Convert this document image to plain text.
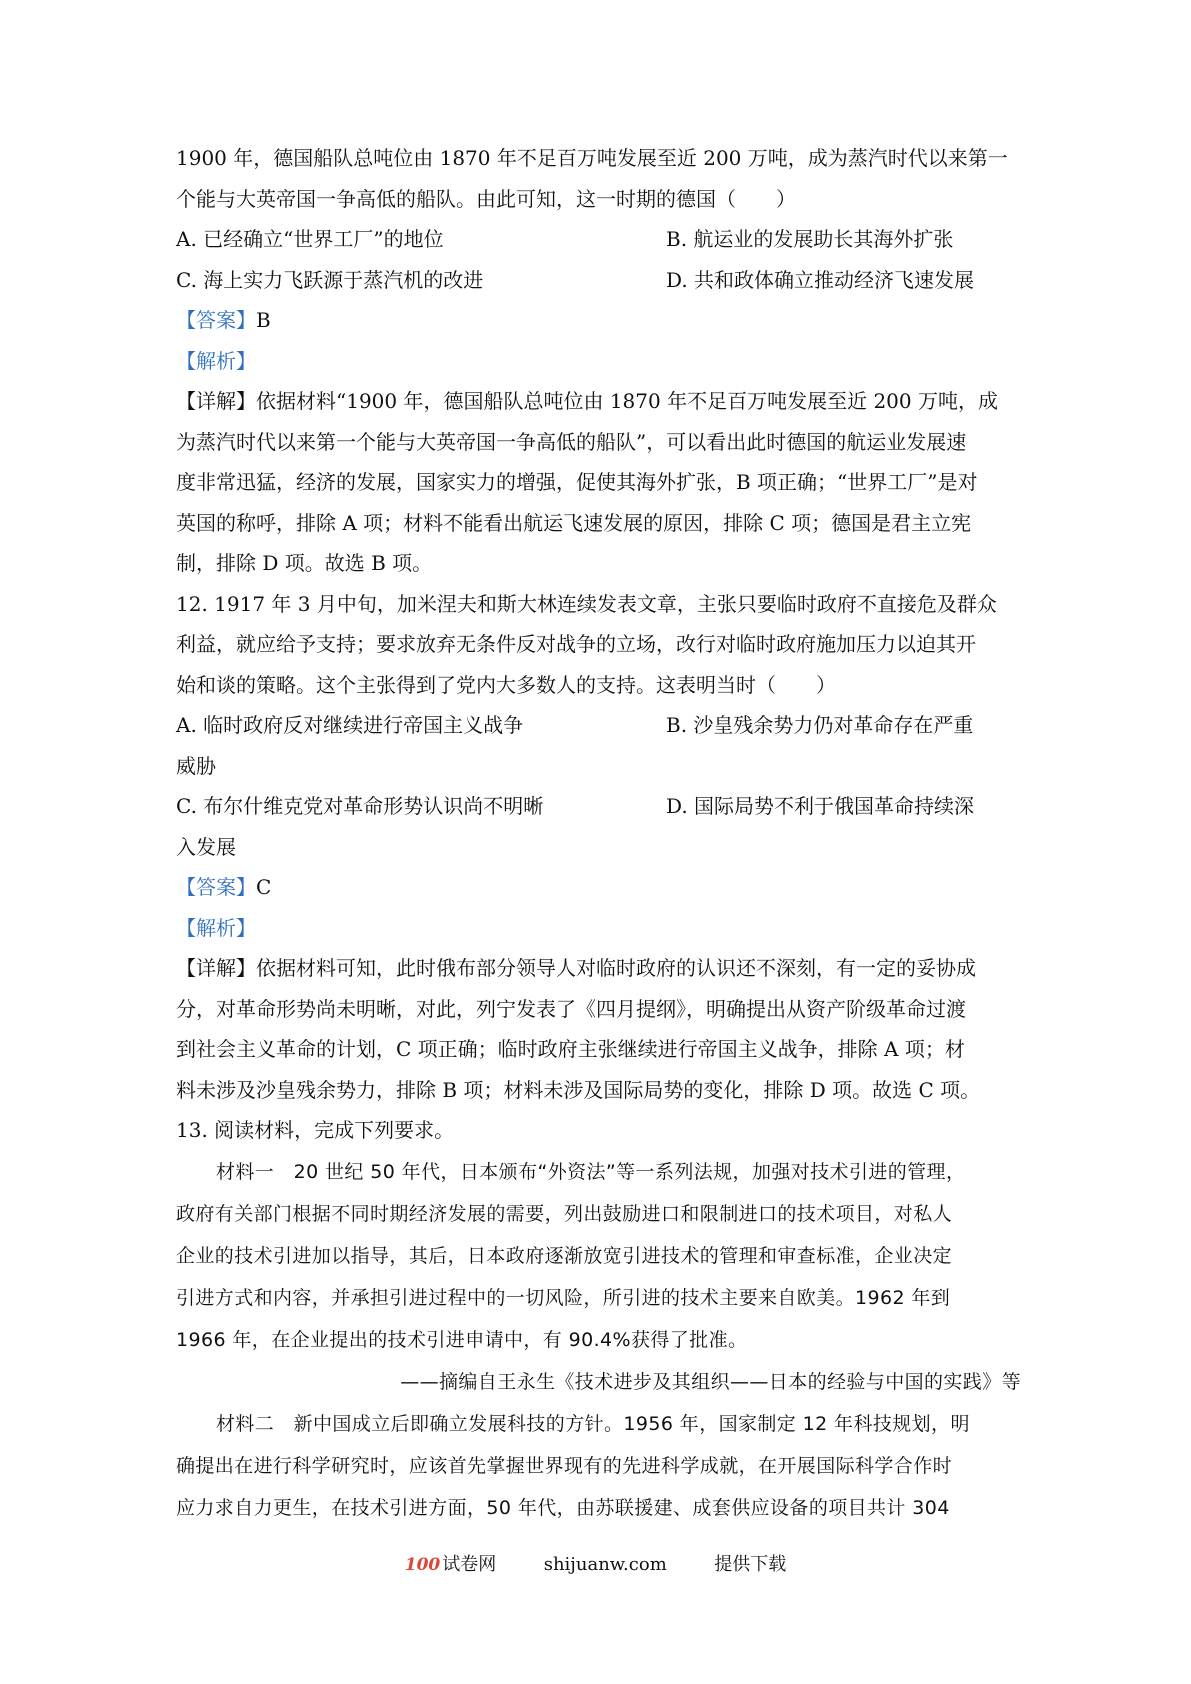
1900 年，德国船队总吨位由 1870 年不足百万吨发展至近 200 万吨，成为蒸汽时代以来第一
个能与大英帝国一争高低的船队。由此可知，这一时期的德国（　　）
A. 已经确立“世界工厂”的地位	B. 航运业的发展助长其海外扩张
C. 海上实力飞跃源于蒸汽机的改进	D. 共和政体确立推动经济飞速发展
【答案】B
【解析】
【详解】依据材料“1900 年，德国船队总吨位由 1870 年不足百万吨发展至近 200 万吨，成
为蒸汽时代以来第一个能与大英帝国一争高低的船队”，可以看出此时德国的航运业发展速
度非常迅猛，经济的发展，国家实力的增强，促使其海外扩张，B 项正确；“世界工厂”是对
英国的称呼，排除 A 项；材料不能看出航运飞速发展的原因，排除 C 项；德国是君主立宪
制，排除 D 项。故选 B 项。
12. 1917 年 3 月中旬，加米涅夫和斯大林连续发表文章，主张只要临时政府不直接危及群众
利益，就应给予支持；要求放弃无条件反对战争的立场，改行对临时政府施加压力以迫其开
始和谈的策略。这个主张得到了党内大多数人的支持。这表明当时（　　）
A. 临时政府反对继续进行帝国主义战争	B. 沙皇残余势力仍对革命存在严重
威胁
C. 布尔什维克党对革命形势认识尚不明晰	D. 国际局势不利于俄国革命持续深
入发展
【答案】C
【解析】
【详解】依据材料可知，此时俄布部分领导人对临时政府的认识还不深刻，有一定的妥协成
分，对革命形势尚未明晰，对此，列宁发表了《四月提纲》，明确提出从资产阶级革命过渡
到社会主义革命的计划，C 项正确；临时政府主张继续进行帝国主义战争，排除 A 项；材
料未涉及沙皇残余势力，排除 B 项；材料未涉及国际局势的变化，排除 D 项。故选 C 项。
13. 阅读材料，完成下列要求。
材料一　20 世纪 50 年代，日本颁布“外资法”等一系列法规，加强对技术引进的管理，
政府有关部门根据不同时期经济发展的需要，列出鼓励进口和限制进口的技术项目，对私人
企业的技术引进加以指导，其后，日本政府逐渐放宽引进技术的管理和审查标准，企业决定
引进方式和内容，并承担引进过程中的一切风险，所引进的技术主要来自欧美。1962 年到
1966 年，在企业提出的技术引进申请中，有 90.4%获得了批准。
——摘编自王永生《技术进步及其组织——日本的经验与中国的实践》等
材料二　新中国成立后即确立发展科技的方针。1956 年，国家制定 12 年科技规划，明
确提出在进行科学研究时，应该首先掌握世界现有的先进科学成就，在开展国际科学合作时
应力求自力更生，在技术引进方面，50 年代，由苏联援建、成套供应设备的项目共计 304
100 试卷网	shijuanw.com	提供下载
